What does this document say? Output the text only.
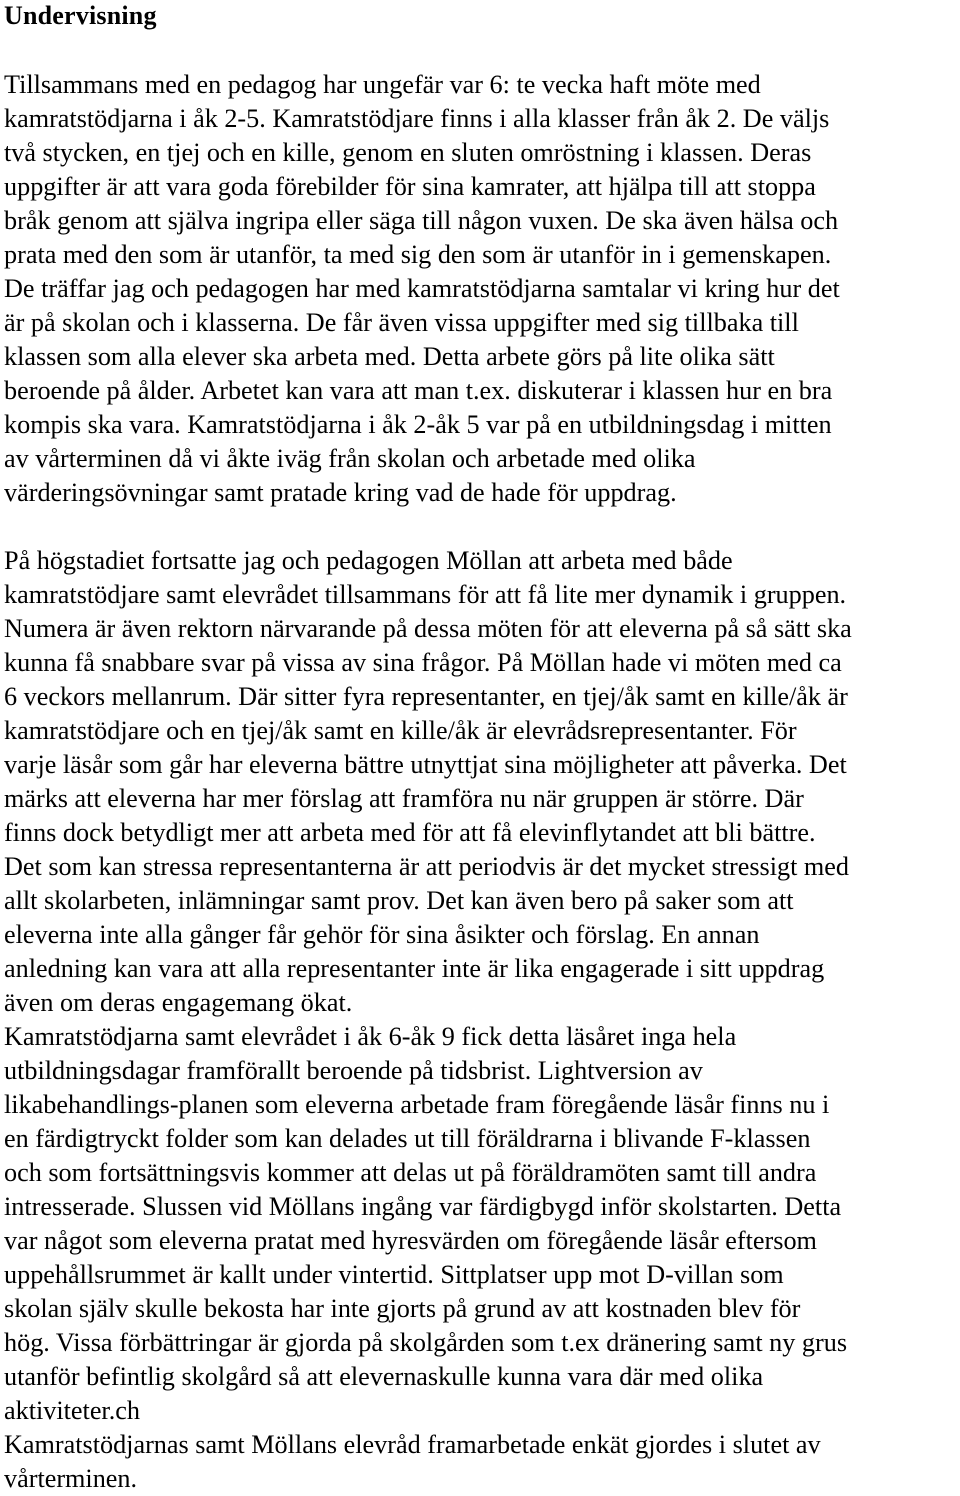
Undervisning

Tillsammans med en pedagog har ungefär var 6: te vecka haft möte med
kamratstödjarna i åk 2-5. Kamratstödjare finns i alla klasser från åk 2. De väljs
två stycken, en tjej och en kille, genom en sluten omröstning i klassen. Deras
uppgifter är att vara goda förebilder för sina kamrater, att hjälpa till att stoppa
bråk genom att själva ingripa eller säga till någon vuxen. De ska även hälsa och
prata med den som är utanför, ta med sig den som är utanför in i gemenskapen.
De träffar jag och pedagogen har med kamratstödjarna samtalar vi kring hur det
är på skolan och i klasserna. De får även vissa uppgifter med sig tillbaka till
klassen som alla elever ska arbeta med. Detta arbete görs på lite olika sätt
beroende på ålder. Arbetet kan vara att man t.ex. diskuterar i klassen hur en bra
kompis ska vara. Kamratstödjarna i åk 2-åk 5 var på en utbildningsdag i mitten
av vårterminen då vi åkte iväg från skolan och arbetade med olika
värderingsövningar samt pratade kring vad de hade för uppdrag.

På högstadiet fortsatte jag och pedagogen Möllan att arbeta med både
kamratstödjare samt elevrådet tillsammans för att få lite mer dynamik i gruppen.
Numera är även rektorn närvarande på dessa möten för att eleverna på så sätt ska
kunna få snabbare svar på vissa av sina frågor. På Möllan hade vi möten med ca
6 veckors mellanrum. Där sitter fyra representanter, en tjej/åk samt en kille/åk är
kamratstödjare och en tjej/åk samt en kille/åk är elevrådsrepresentanter. För
varje läsår som går har eleverna bättre utnyttjat sina möjligheter att påverka. Det
märks att eleverna har mer förslag att framföra nu när gruppen är större. Där
finns dock betydligt mer att arbeta med för att få elevinflytandet att bli bättre.
Det som kan stressa representanterna är att periodvis är det mycket stressigt med
allt skolarbeten, inlämningar samt prov. Det kan även bero på saker som att
eleverna inte alla gånger får gehör för sina åsikter och förslag. En annan
anledning kan vara att alla representanter inte är lika engagerade i sitt uppdrag
även om deras engagemang ökat.

Kamratstödjarna samt elevrådet i åk 6-åk 9 fick detta läsåret inga hela
utbildningsdagar framförallt beroende på tidsbrist. Lightversion av
likabehandlings-planen som eleverna arbetade fram föregående läsår finns nu i
en färdigtryckt folder som kan delades ut till föräldrarna i blivande F-klassen
och som fortsättningsvis kommer att delas ut på föräldramöten samt till andra
intresserade. Slussen vid Möllans ingång var färdigbygd inför skolstarten. Detta
var något som eleverna pratat med hyresvärden om föregående läsår eftersom
uppehållsrummet är kallt under vintertid. Sittplatser upp mot D-villan som
skolan själv skulle bekosta har inte gjorts på grund av att kostnaden blev för
hög. Vissa förbättringar är gjorda på skolgården som t.ex dränering samt ny grus
utanför befintlig skolgård så att elevernaskulle kunna vara där med olika
aktiviteter.ch

Kamratstödjarnas samt Möllans elevråd framarbetade enkät gjordes i slutet av
vårterminen.
